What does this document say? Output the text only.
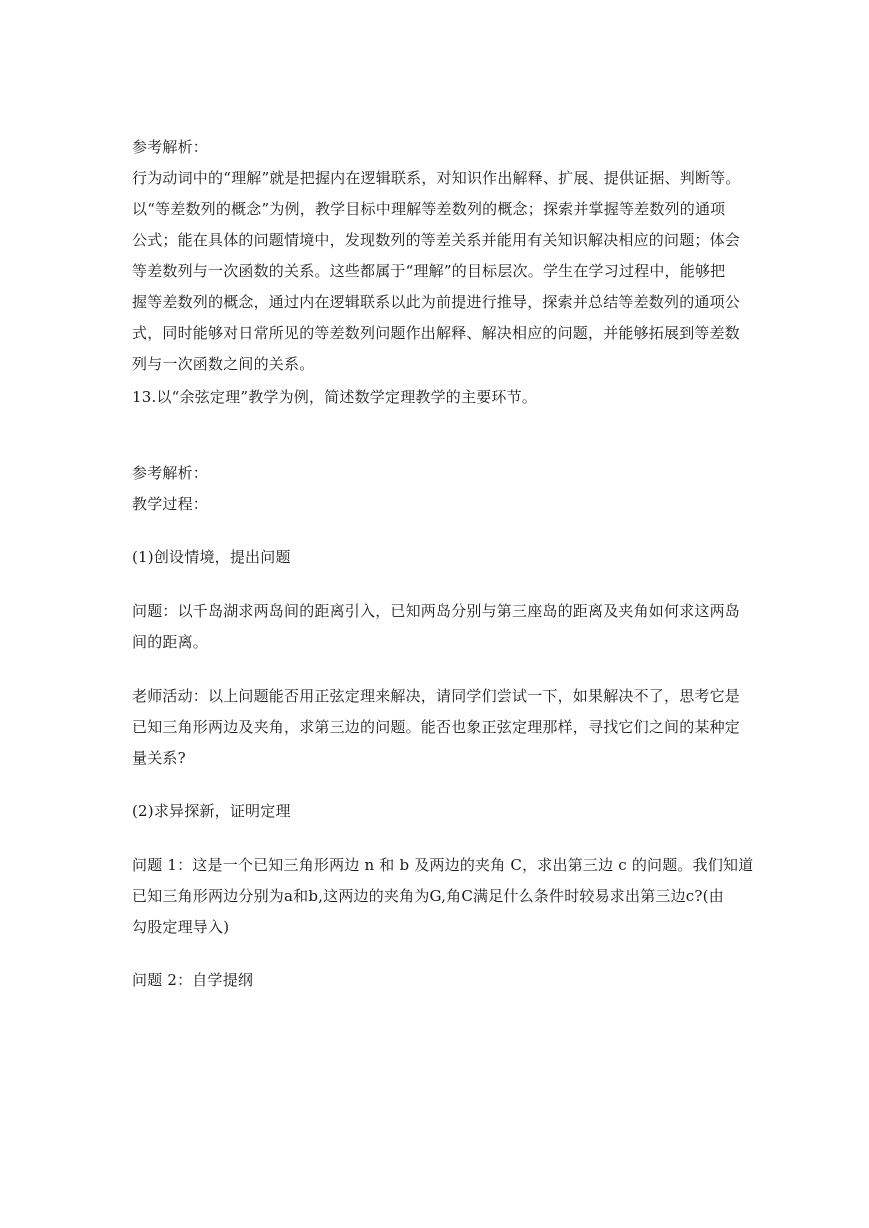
参考解析：
行为动词中的“理解”就是把握内在逻辑联系，对知识作出解释、扩展、提供证据、判断等。
以“等差数列的概念”为例，教学目标中理解等差数列的概念；探索并掌握等差数列的通项
公式；能在具体的问题情境中，发现数列的等差关系并能用有关知识解决相应的问题；体会
等差数列与一次函数的关系。这些都属于“理解”的目标层次。学生在学习过程中，能够把
握等差数列的概念，通过内在逻辑联系以此为前提进行推导，探索并总结等差数列的通项公
式，同时能够对日常所见的等差数列问题作出解释、解决相应的问题，并能够拓展到等差数
列与一次函数之间的关系。
13.以“余弦定理”教学为例，简述数学定理教学的主要环节。
参考解析：
教学过程：
(1)创设情境，提出问题
问题：以千岛湖求两岛间的距离引入，已知两岛分别与第三座岛的距离及夹角如何求这两岛
间的距离。
老师活动：以上问题能否用正弦定理来解决，请同学们尝试一下，如果解决不了，思考它是
已知三角形两边及夹角，求第三边的问题。能否也象正弦定理那样，寻找它们之间的某种定
量关系?
(2)求异探新，证明定理
问题 1：这是一个已知三角形两边 n 和 b 及两边的夹角 C，求出第三边 c 的问题。我们知道
已知三角形两边分别为a和b,这两边的夹角为G,角C满足什么条件时较易求出第三边c?(由
勾股定理导入)
问题 2：自学提纲
